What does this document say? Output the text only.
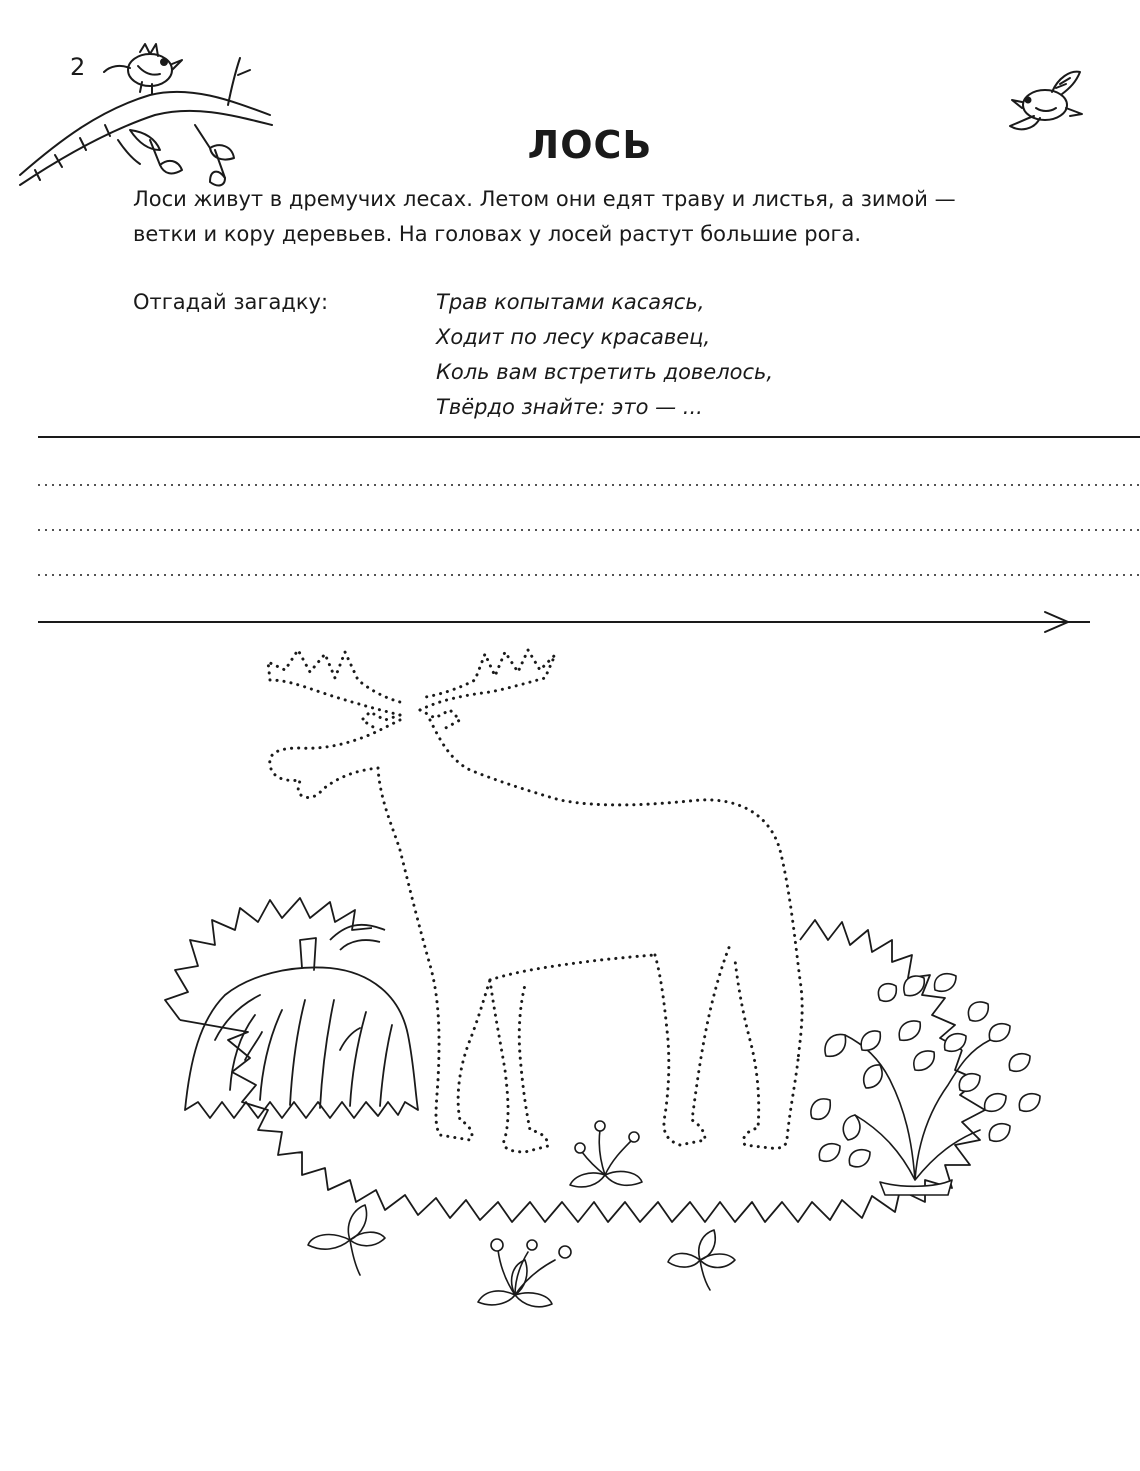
2
ЛОСЬ

Лоси живут в дремучих лесах. Летом они едят траву и листья, а зимой —

ветки и кору деревьев. На головах у лосей растут большие рога.

Отгадай загадку:	Трав копытами касаясь,
Ходит по лесу красавец,
Коль вам встретить довелось,
Твёрдо знайте: это — ...
